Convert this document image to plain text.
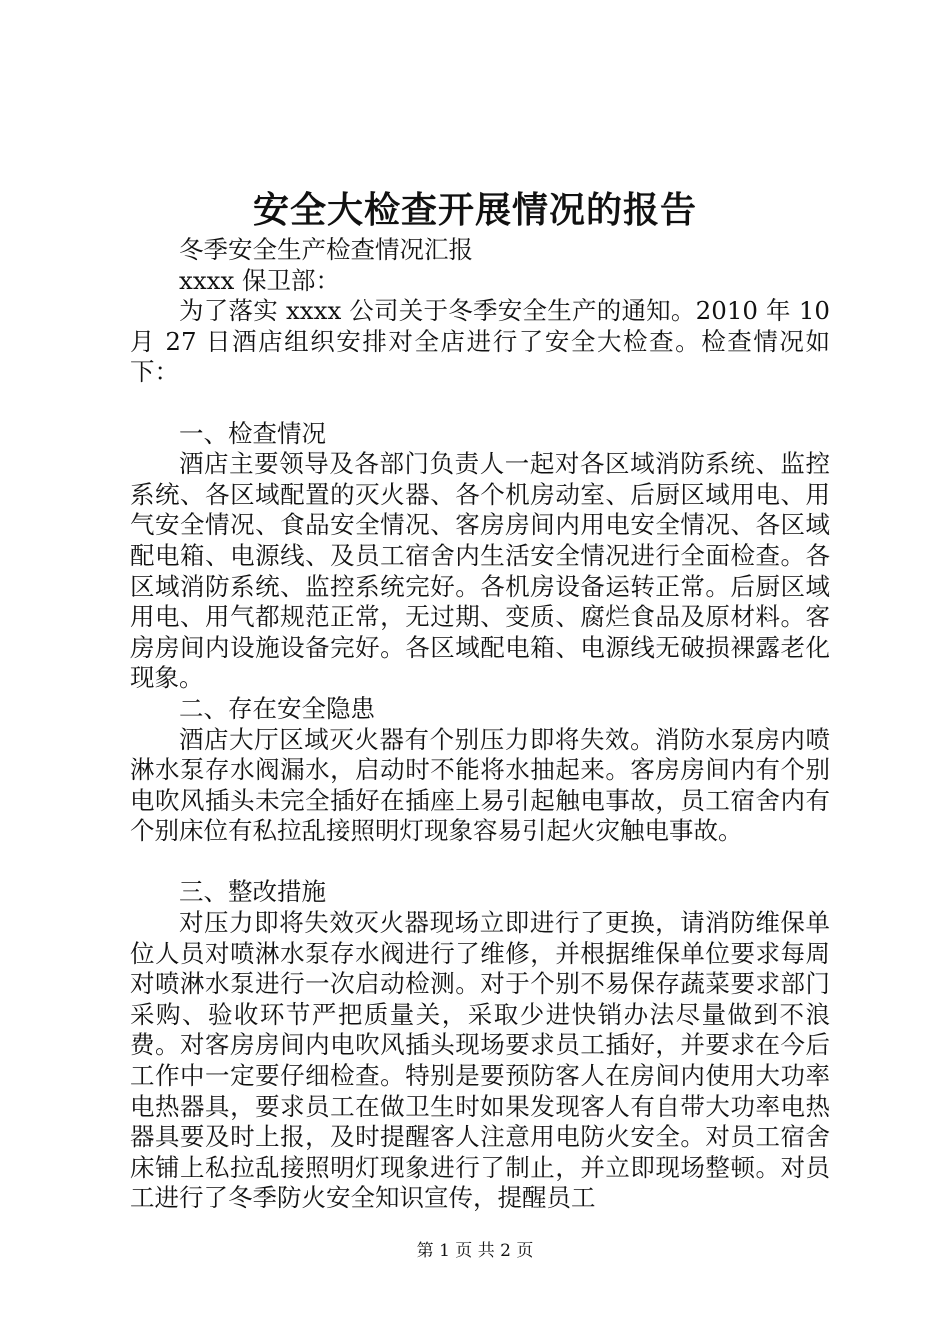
安全大检查开展情况的报告

冬季安全生产检查情况汇报

xxxx 保卫部：

为了落实 xxxx 公司关于冬季安全生产的通知。2010 年 10 月 27 日酒店组织安排对全店进行了安全大检查。检查情况如下：

一、检查情况

酒店主要领导及各部门负责人一起对各区域消防系统、监控系统、各区域配置的灭火器、各个机房动室、后厨区域用电、用气安全情况、食品安全情况、客房房间内用电安全情况、各区域配电箱、电源线、及员工宿舍内生活安全情况进行全面检查。各区域消防系统、监控系统完好。各机房设备运转正常。后厨区域用电、用气都规范正常，无过期、变质、腐烂食品及原材料。客房房间内设施设备完好。各区域配电箱、电源线无破损裸露老化现象。

二、存在安全隐患

酒店大厅区域灭火器有个别压力即将失效。消防水泵房内喷淋水泵存水阀漏水，启动时不能将水抽起来。客房房间内有个别电吹风插头未完全插好在插座上易引起触电事故，员工宿舍内有个别床位有私拉乱接照明灯现象容易引起火灾触电事故。

三、整改措施

对压力即将失效灭火器现场立即进行了更换，请消防维保单位人员对喷淋水泵存水阀进行了维修，并根据维保单位要求每周对喷淋水泵进行一次启动检测。对于个别不易保存蔬菜要求部门采购、验收环节严把质量关，采取少进快销办法尽量做到不浪费。对客房房间内电吹风插头现场要求员工插好，并要求在今后工作中一定要仔细检查。特别是要预防客人在房间内使用大功率电热器具，要求员工在做卫生时如果发现客人有自带大功率电热器具要及时上报，及时提醒客人注意用电防火安全。对员工宿舍床铺上私拉乱接照明灯现象进行了制止，并立即现场整顿。对员工进行了冬季防火安全知识宣传，提醒员工

第 1 页 共 2 页
